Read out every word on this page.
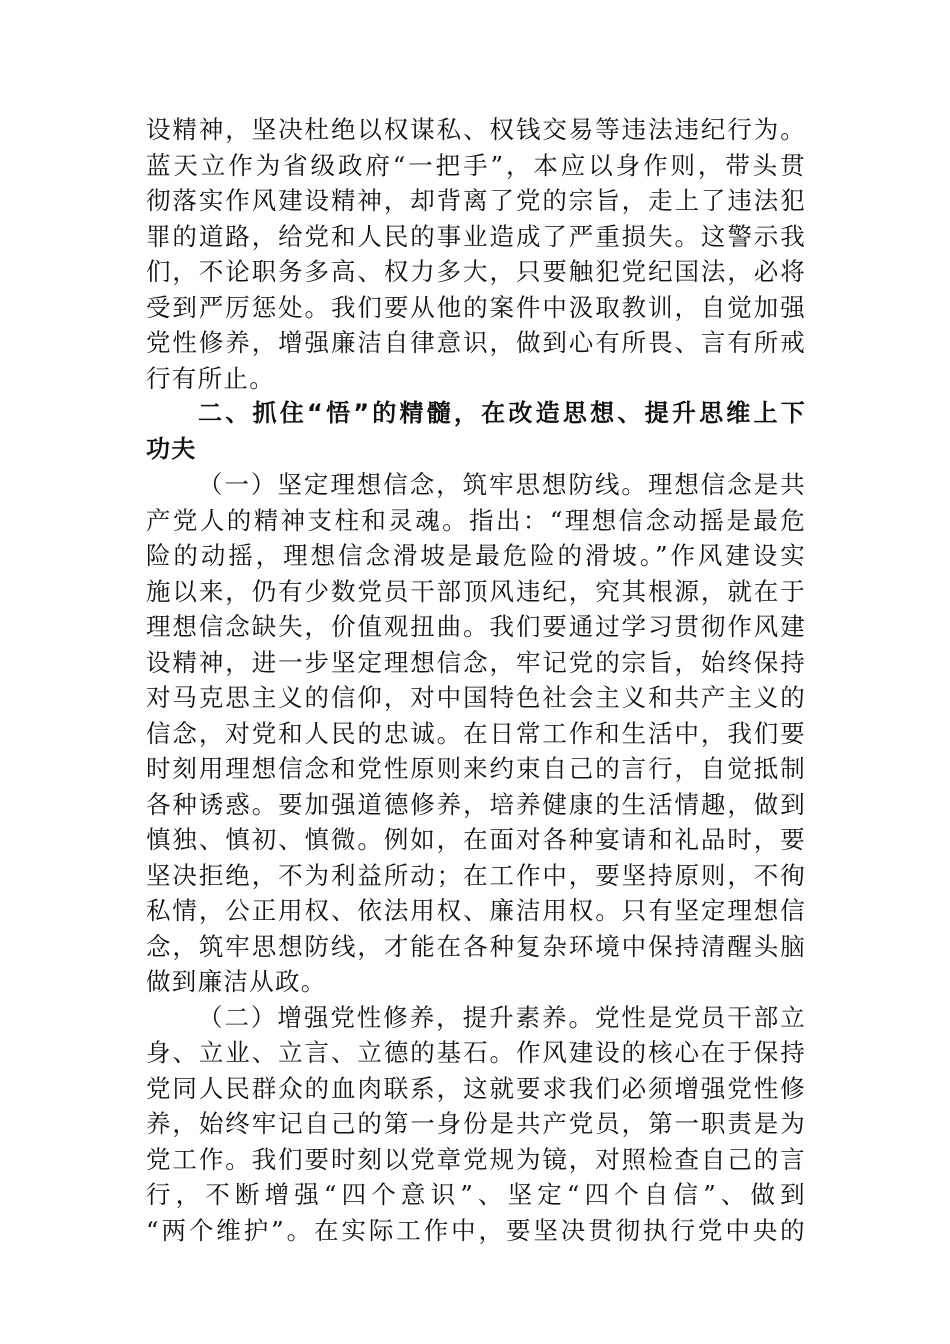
设精神，坚决杜绝以权谋私、权钱交易等违法违纪行为。
蓝天立作为省级政府“一把手”，本应以身作则，带头贯
彻落实作风建设精神，却背离了党的宗旨，走上了违法犯
罪的道路，给党和人民的事业造成了严重损失。这警示我
们，不论职务多高、权力多大，只要触犯党纪国法，必将
受到严厉惩处。我们要从他的案件中汲取教训，自觉加强
党性修养，增强廉洁自律意识，做到心有所畏、言有所戒
行有所止。
二、抓住“悟”的精髓，在改造思想、提升思维上下
功夫
（一）坚定理想信念，筑牢思想防线。理想信念是共
产党人的精神支柱和灵魂。指出：“理想信念动摇是最危
险的动摇，理想信念滑坡是最危险的滑坡。”作风建设实
施以来，仍有少数党员干部顶风违纪，究其根源，就在于
理想信念缺失，价值观扭曲。我们要通过学习贯彻作风建
设精神，进一步坚定理想信念，牢记党的宗旨，始终保持
对马克思主义的信仰，对中国特色社会主义和共产主义的
信念，对党和人民的忠诚。在日常工作和生活中，我们要
时刻用理想信念和党性原则来约束自己的言行，自觉抵制
各种诱惑。要加强道德修养，培养健康的生活情趣，做到
慎独、慎初、慎微。例如，在面对各种宴请和礼品时，要
坚决拒绝，不为利益所动；在工作中，要坚持原则，不徇
私情，公正用权、依法用权、廉洁用权。只有坚定理想信
念，筑牢思想防线，才能在各种复杂环境中保持清醒头脑
做到廉洁从政。
（二）增强党性修养，提升素养。党性是党员干部立
身、立业、立言、立德的基石。作风建设的核心在于保持
党同人民群众的血肉联系，这就要求我们必须增强党性修
养，始终牢记自己的第一身份是共产党员，第一职责是为
党工作。我们要时刻以党章党规为镜，对照检查自己的言
行，不断增强“四个意识”、坚定“四个自信”、做到
“两个维护”。在实际工作中，要坚决贯彻执行党中央的
